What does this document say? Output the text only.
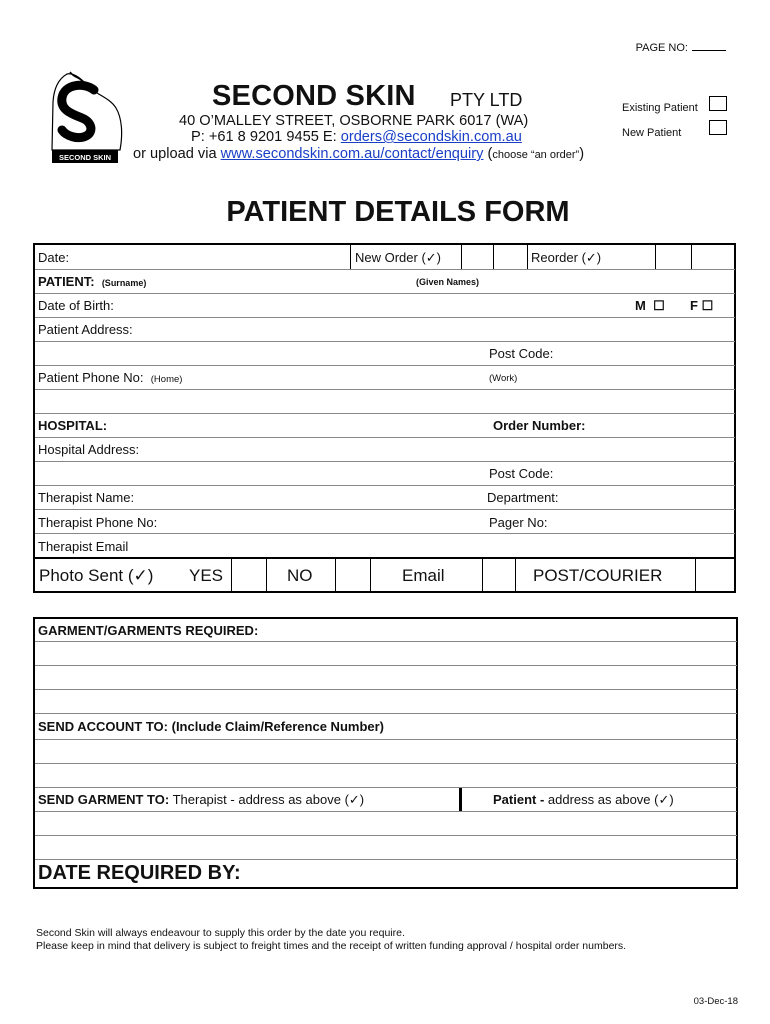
PAGE NO:
SECOND SKIN
SECOND SKIN PTY LTD
40 O’MALLEY STREET, OSBORNE PARK 6017 (WA)
P: +61 8 9201 9455 E: orders@secondskin.com.au
or upload via www.secondskin.com.au/contact/enquiry (choose “an order”)
Existing Patient
New Patient
PATIENT DETAILS FORM
Date:	New Order (✓)	Reorder (✓)
PATIENT: (Surname)	(Given Names)
Date of Birth:	M ☐ F ☐
Patient Address:
Post Code:
Patient Phone No: (Home)	(Work)
HOSPITAL:	Order Number:
Hospital Address:
Post Code:
Therapist Name:	Department:
Therapist Phone No:	Pager No:
Therapist Email
Photo Sent (✓) YES	NO	Email	POST/COURIER
GARMENT/GARMENTS REQUIRED:
SEND ACCOUNT TO: (Include Claim/Reference Number)
SEND GARMENT TO: Therapist - address as above (✓)	Patient - address as above (✓)
DATE REQUIRED BY:
Second Skin will always endeavour to supply this order by the date you require.
Please keep in mind that delivery is subject to freight times and the receipt of written funding approval / hospital order numbers.
03-Dec-18
